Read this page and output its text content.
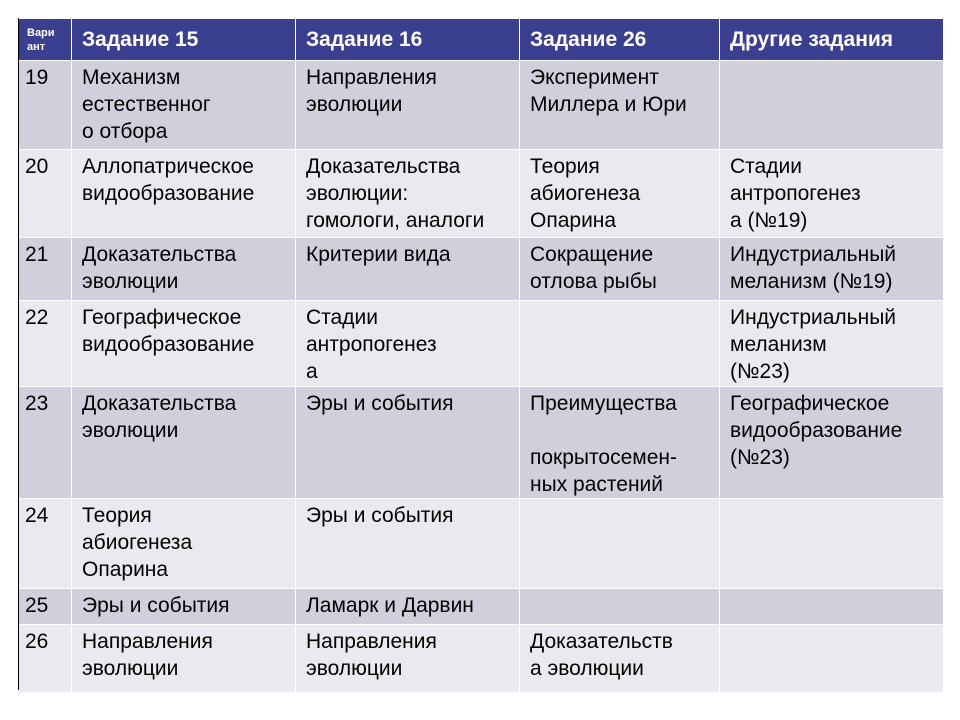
Вари
ант	Задание 15	Задание 16	Задание 26	Другие задания
19	Механизм
естественног
о отбора	Направления
эволюции	Эксперимент
Миллера и Юри	
20	Аллопатрическое
видообразование	Доказательства
эволюции:
гомологи, аналоги	Теория
абиогенеза
Опарина	Стадии
антропогенез
а (№19)
21	Доказательства
эволюции	Критерии вида	Сокращение
отлова рыбы	Индустриальный
меланизм (№19)
22	Географическое
видообразование	Стадии
антропогенез
а		Индустриальный
меланизм
(№23)
23	Доказательства
эволюции	Эры и события	Преимущества

покрытосемен-
ных растений	Географическое
видообразование
(№23)
24	Теория
абиогенеза
Опарина	Эры и события		
25	Эры и события	Ламарк и Дарвин		
26	Направления
эволюции	Направления
эволюции	Доказательств
а эволюции	
